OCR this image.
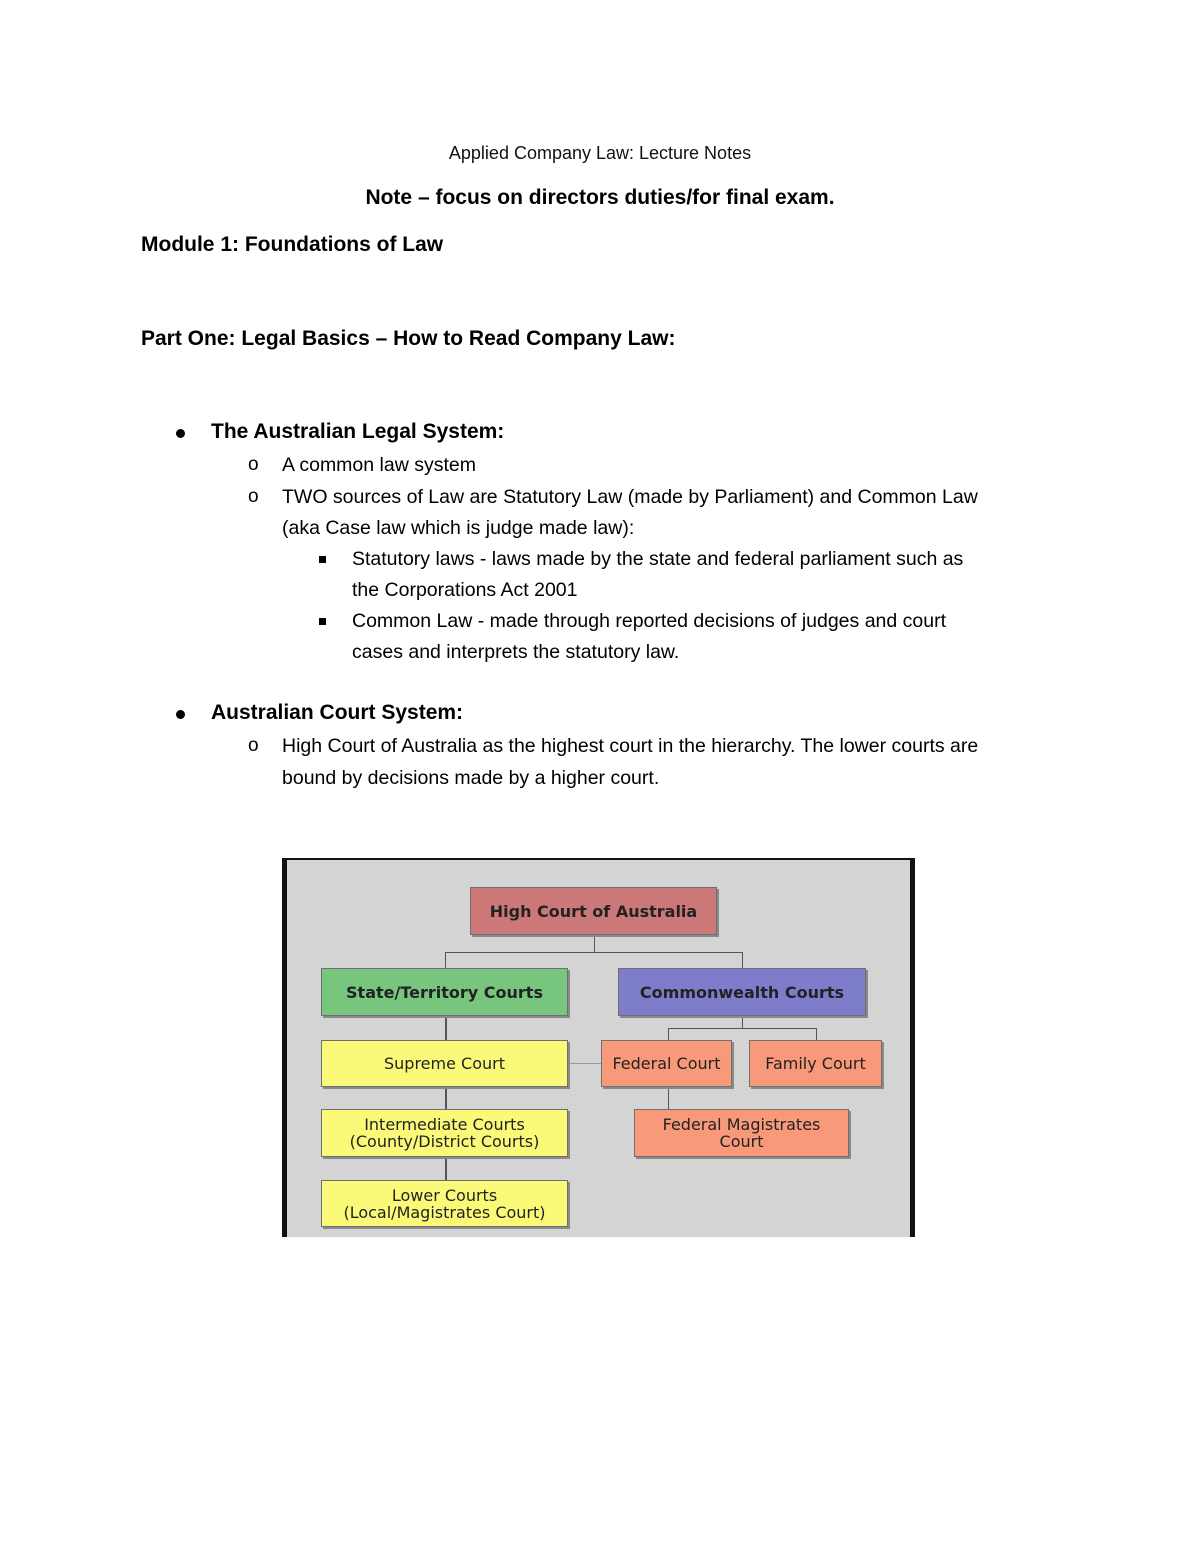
Applied Company Law: Lecture Notes
Note – focus on directors duties/for final exam.
Module 1: Foundations of Law
Part One: Legal Basics – How to Read Company Law:
The Australian Legal System:
o A common law system
o TWO sources of Law are Statutory Law (made by Parliament) and Common Law
(aka Case law which is judge made law):
Statutory laws - laws made by the state and federal parliament such as
the Corporations Act 2001
Common Law - made through reported decisions of judges and court
cases and interprets the statutory law.
Australian Court System:
o High Court of Australia as the highest court in the hierarchy. The lower courts are
bound by decisions made by a higher court.
High Court of Australia
State/Territory Courts	Commonwealth Courts
Supreme Court
Intermediate Courts
(County/District Courts)
Lower Courts
(Local/Magistrates Court)
Federal Court	Family Court
Federal Magistrates
Court
